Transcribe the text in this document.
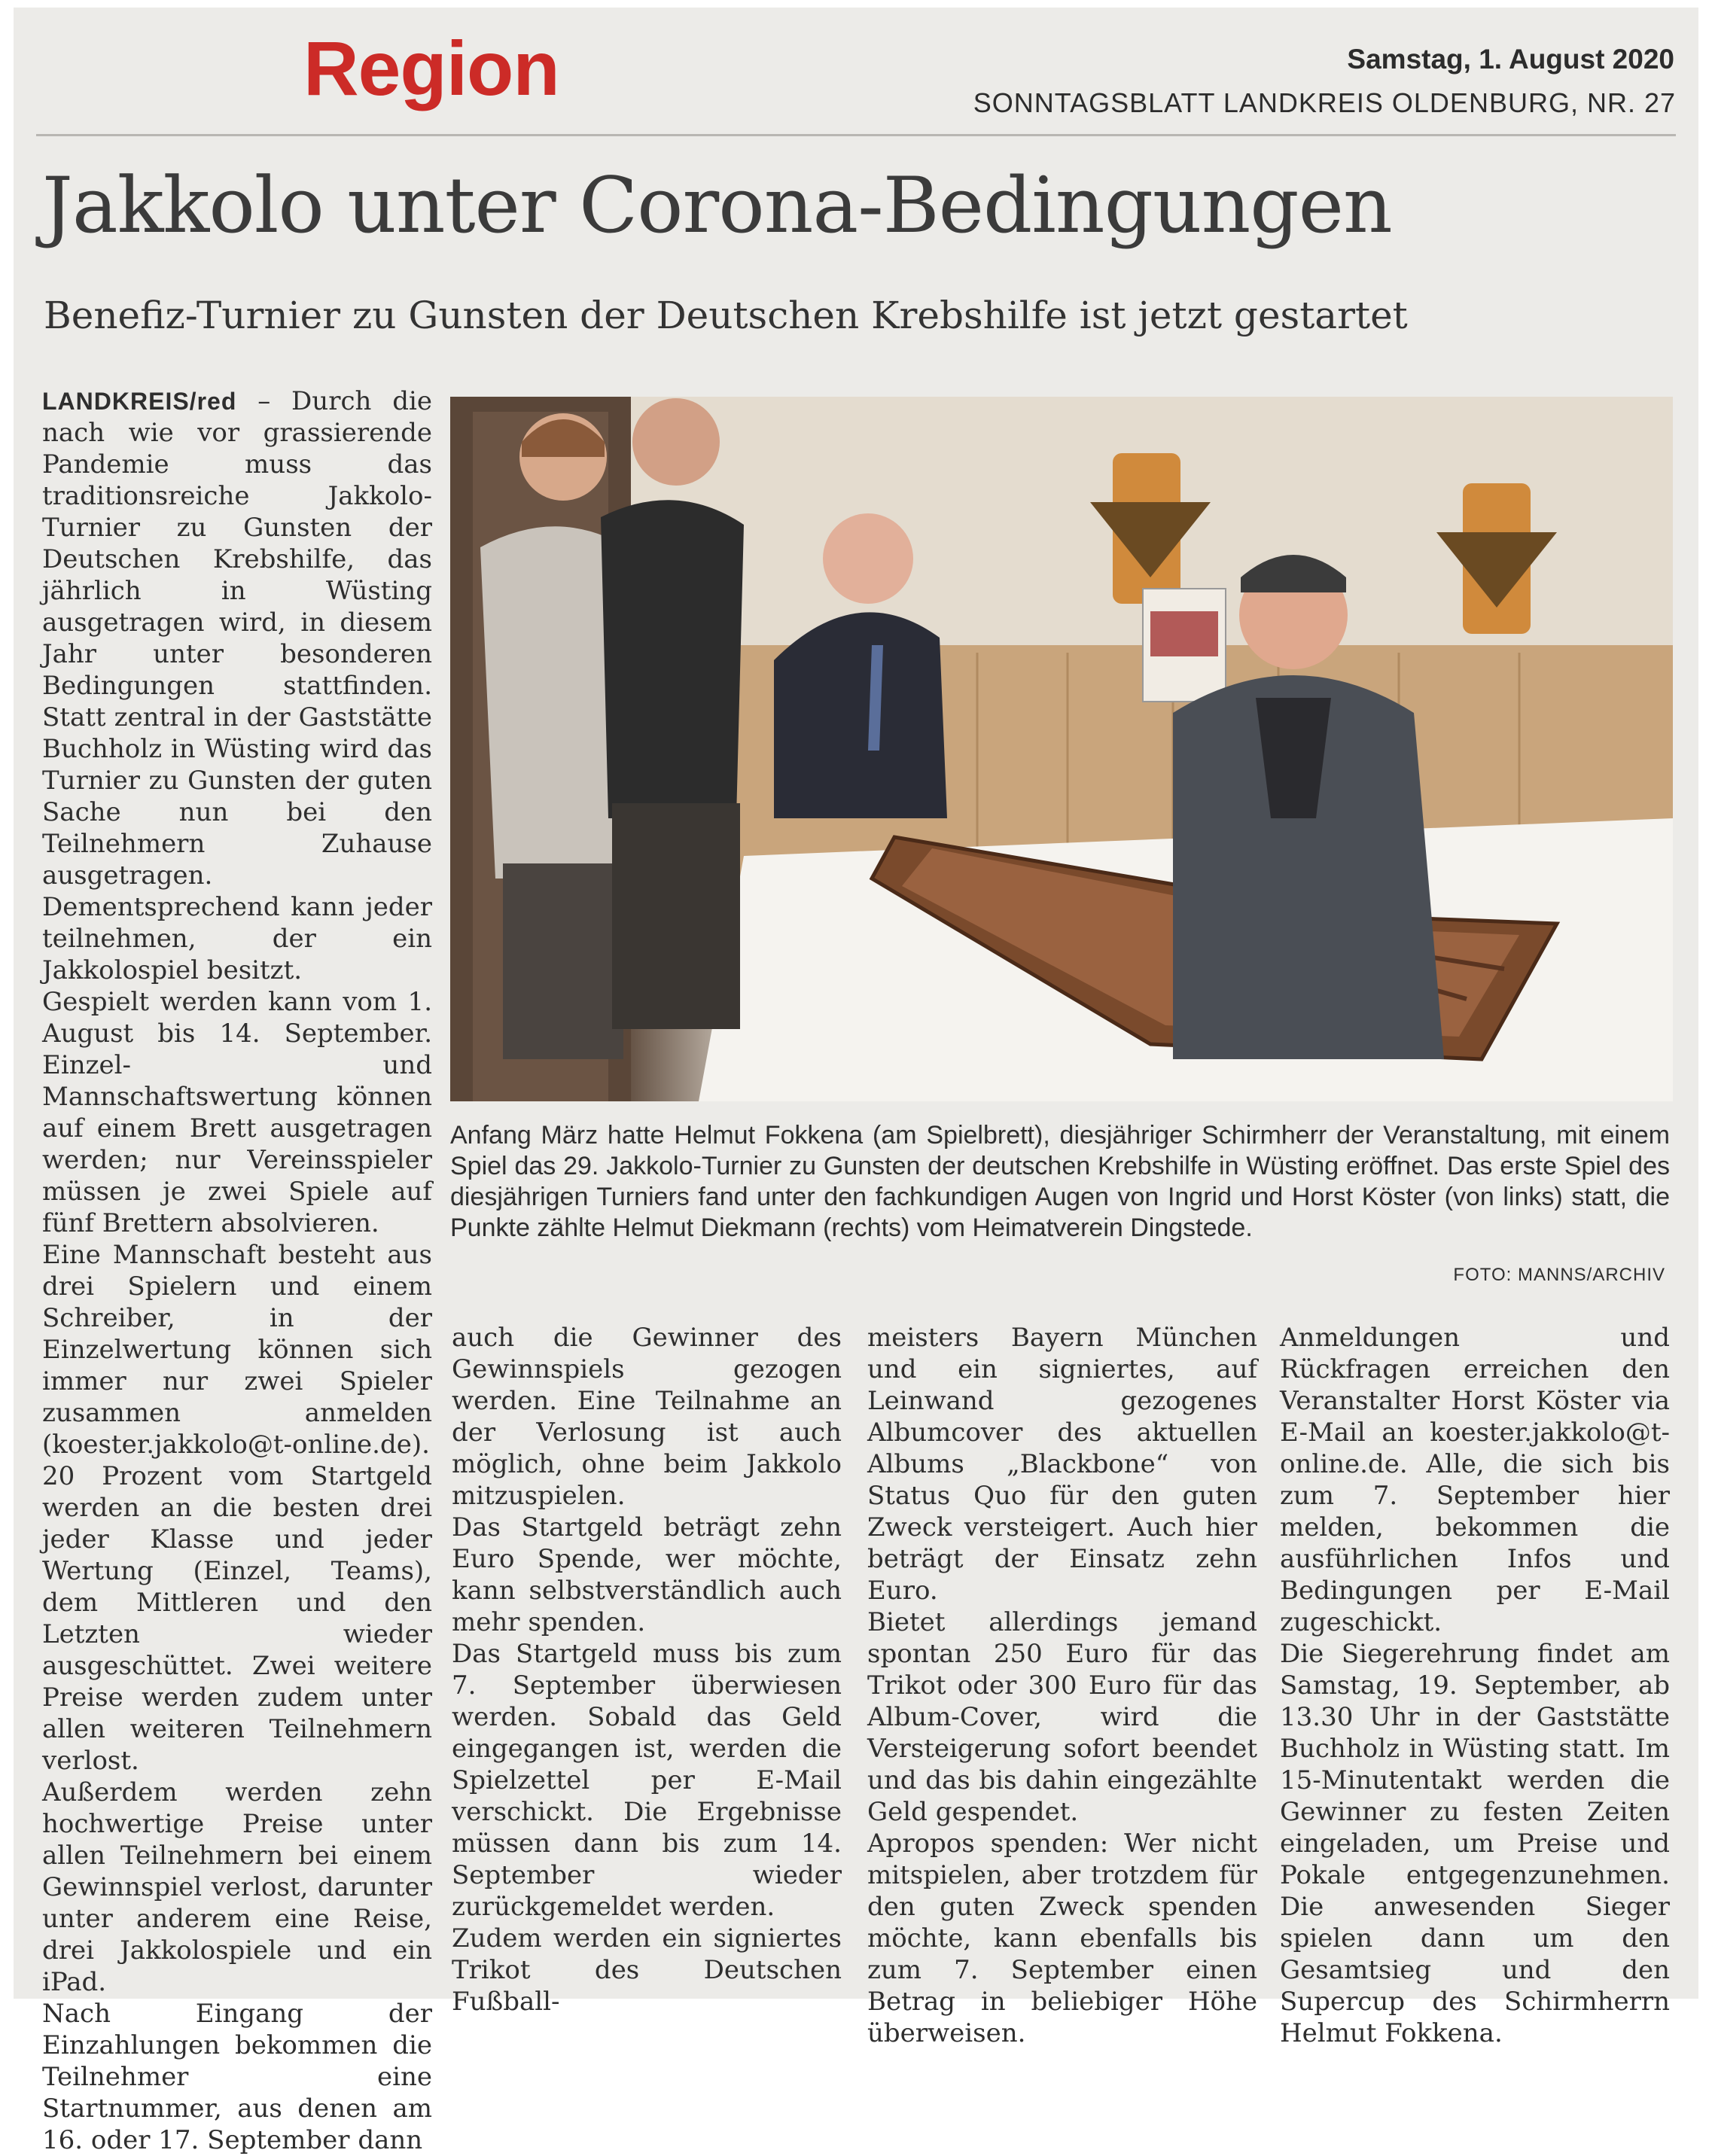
Region	Samstag, 1. August 2020
SONNTAGSBLATT LANDKREIS OLDENBURG, NR. 27
Jakkolo unter Corona-Bedingungen
Benefiz-Turnier zu Gunsten der Deutschen Krebshilfe ist jetzt gestartet

LANDKREIS/red – Durch die nach wie vor grassierende Pandemie muss das traditionsreiche Jakkolo-Turnier zu Gunsten der Deutschen Krebshilfe, das jährlich in Wüsting ausgetragen wird, in diesem Jahr unter besonderen Bedingungen stattfinden. Statt zentral in der Gaststätte Buchholz in Wüsting wird das Turnier zu Gunsten der guten Sache nun bei den Teilnehmern Zuhause ausgetragen. Dementsprechend kann jeder teilnehmen, der ein Jakkolospiel besitzt.

Gespielt werden kann vom 1. August bis 14. September. Einzel- und Mannschaftswertung können auf einem Brett ausgetragen werden; nur Vereinsspieler müssen je zwei Spiele auf fünf Brettern absolvieren.

Eine Mannschaft besteht aus drei Spielern und einem Schreiber, in der Einzelwertung können sich immer nur zwei Spieler zusammen anmelden (koester.jakkolo@t-online.de).

20 Prozent vom Startgeld werden an die besten drei jeder Klasse und jeder Wertung (Einzel, Teams), dem Mittleren und den Letzten wieder ausgeschüttet. Zwei weitere Preise werden zudem unter allen weiteren Teilnehmern verlost.

Außerdem werden zehn hochwertige Preise unter allen Teilnehmern bei einem Gewinnspiel verlost, darunter unter anderem eine Reise, drei Jakkolospiele und ein iPad.

Nach Eingang der Einzahlungen bekommen die Teilnehmer eine Startnummer, aus denen am 16. oder 17. September dann

Anfang März hatte Helmut Fokkena (am Spielbrett), diesjähriger Schirmherr der Veranstaltung, mit einem Spiel das 29. Jakkolo-Turnier zu Gunsten der deutschen Krebshilfe in Wüsting eröffnet. Das erste Spiel des diesjährigen Turniers fand unter den fachkundigen Augen von Ingrid und Horst Köster (von links) statt, die Punkte zählte Helmut Diekmann (rechts) vom Heimatverein Dingstede.
FOTO: MANNS/ARCHIV

auch die Gewinner des Gewinnspiels gezogen werden. Eine Teilnahme an der Verlosung ist auch möglich, ohne beim Jakkolo mitzuspielen.

Das Startgeld beträgt zehn Euro Spende, wer möchte, kann selbstverständlich auch mehr spenden.

Das Startgeld muss bis zum 7. September überwiesen werden. Sobald das Geld eingegangen ist, werden die Spielzettel per E-Mail verschickt. Die Ergebnisse müssen dann bis zum 14. September wieder zurückgemeldet werden.

Zudem werden ein signiertes Trikot des Deutschen Fußball-

meisters Bayern München und ein signiertes, auf Leinwand gezogenes Albumcover des aktuellen Albums „Blackbone“ von Status Quo für den guten Zweck versteigert. Auch hier beträgt der Einsatz zehn Euro.

Bietet allerdings jemand spontan 250 Euro für das Trikot oder 300 Euro für das Album-Cover, wird die Versteigerung sofort beendet und das bis dahin eingezählte Geld gespendet.

Apropos spenden: Wer nicht mitspielen, aber trotzdem für den guten Zweck spenden möchte, kann ebenfalls bis zum 7. September einen Betrag in beliebiger Höhe überweisen.

Anmeldungen und Rückfragen erreichen den Veranstalter Horst Köster via E-Mail an koester.jakkolo@t-online.de. Alle, die sich bis zum 7. September hier melden, bekommen die ausführlichen Infos und Bedingungen per E-Mail zugeschickt.

Die Siegerehrung findet am Samstag, 19. September, ab 13.30 Uhr in der Gaststätte Buchholz in Wüsting statt. Im 15-Minutentakt werden die Gewinner zu festen Zeiten eingeladen, um Preise und Pokale entgegenzunehmen. Die anwesenden Sieger spielen dann um den Gesamtsieg und den Supercup des Schirmherrn Helmut Fokkena.
